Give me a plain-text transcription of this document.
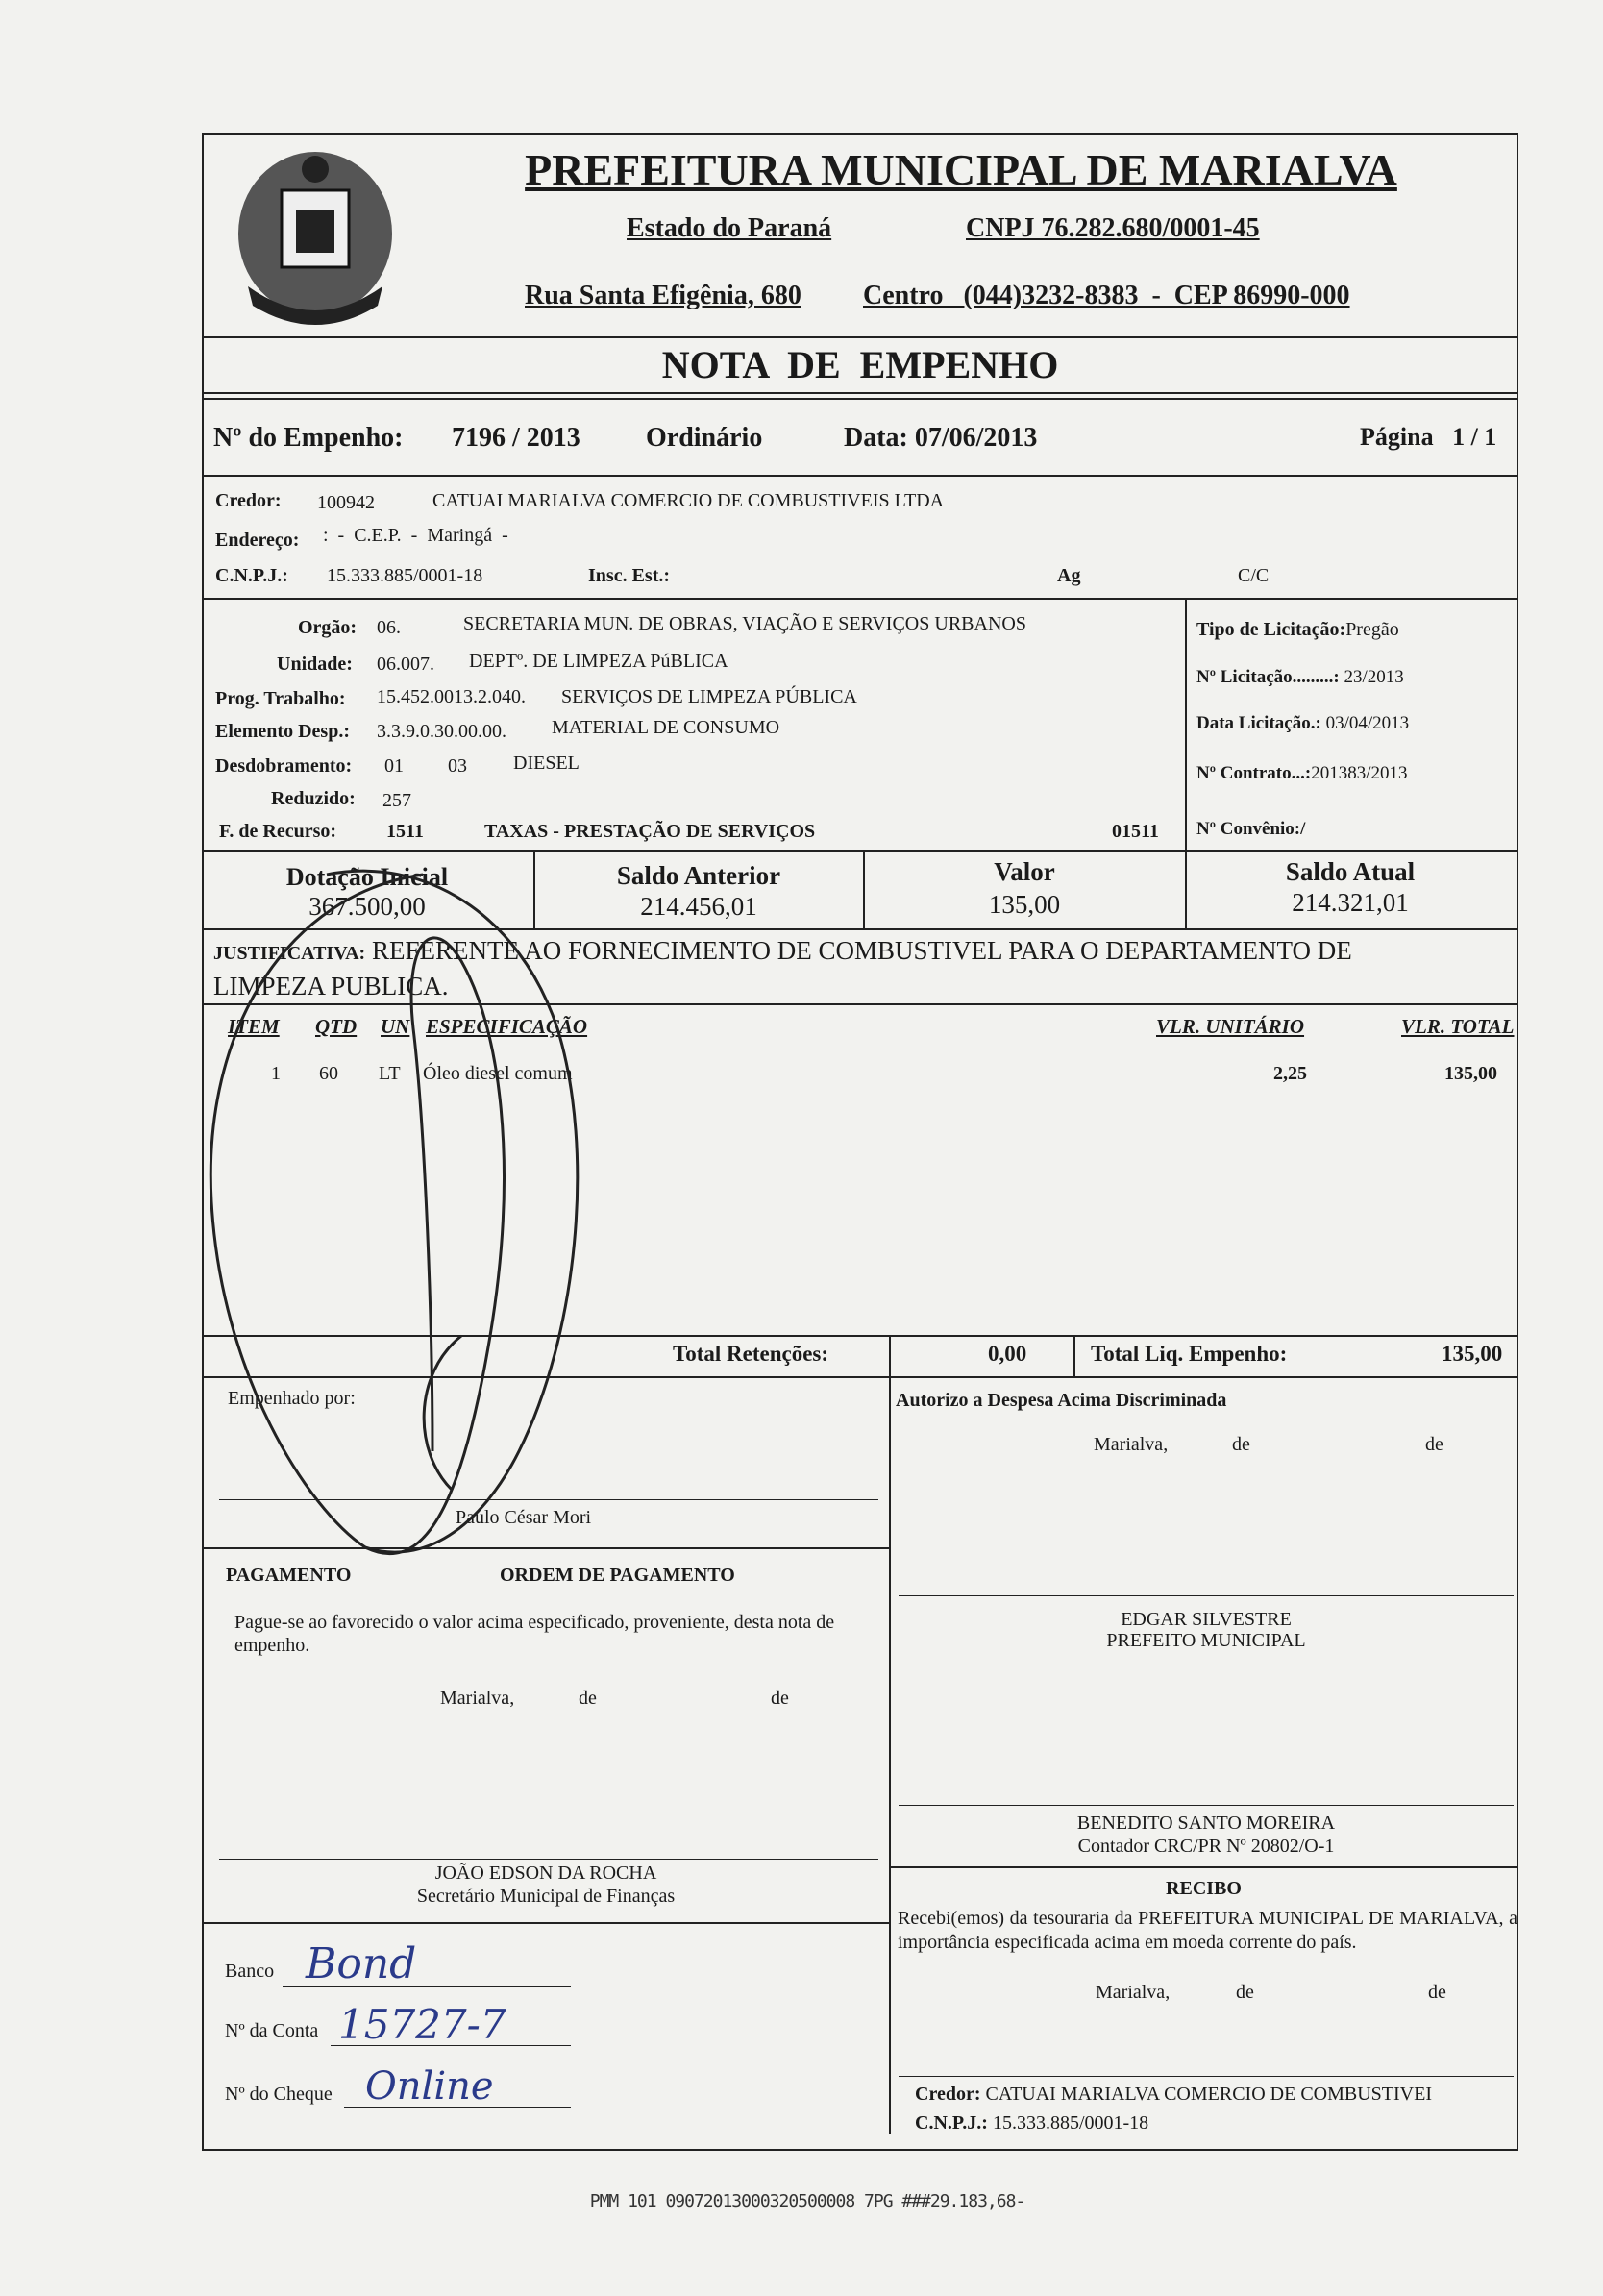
PREFEITURA MUNICIPAL DE MARIALVA
Estado do Paraná	CNPJ 76.282.680/0001-45
Rua Santa Efigênia, 680 Centro   (044)3232-8383  -  CEP 86990-000
NOTA  DE  EMPENHO
Nº do Empenho: 7196 / 2013 Ordinário	Data: 07/06/2013	Página   1 / 1
Credor: 100942	CATUAI MARIALVA COMERCIO DE COMBUSTIVEIS LTDA
Endereço: :  -  C.E.P.  -  Maringá  -
C.N.P.J.: 15.333.885/0001-18	Insc. Est.:	Ag	C/C
Orgão: 06.	SECRETARIA MUN. DE OBRAS, VIAÇÃO E SERVIÇOS URBANOS
Unidade: 06.007. DEPTº. DE LIMPEZA PúBLICA
Prog. Trabalho: 15.452.0013.2.040. SERVIÇOS DE LIMPEZA PÚBLICA
Elemento Desp.: 3.3.9.0.30.00.00. MATERIAL DE CONSUMO
Desdobramento: 01 03 DIESEL
Reduzido: 257
F. de Recurso:	1511	TAXAS - PRESTAÇÃO DE SERVIÇOS	01511
Tipo de Licitação:Pregão
Nº Licitação.........: 23/2013
Data Licitação.: 03/04/2013
Nº Contrato...:201383/2013
Nº Convênio:/
Dotação Inicial
367.500,00
Saldo Anterior
214.456,01
Valor
135,00
Saldo Atual
214.321,01
JUSTIFICATIVA: REFERENTE AO FORNECIMENTO DE COMBUSTIVEL PARA O DEPARTAMENTO DE
LIMPEZA PUBLICA.
ITEM QTD UN ESPECIFICAÇÃO	VLR. UNITÁRIO	VLR. TOTAL
1 60 LT Óleo diesel comum	2,25	135,00
Total Retenções:	0,00	Total Liq. Empenho:	135,00
Empenhado por:
Paulo César Mori
Autorizo a Despesa Acima Discriminada
Marialva,	de	de
PAGAMENTO	ORDEM DE PAGAMENTO
Pague-se ao favorecido o valor acima especificado, proveniente, desta nota de empenho.
Marialva,	de	de
JOÃO EDSON DA ROCHA
Secretário Municipal de Finanças
Banco Bond
Nº da Conta 15727-7
Nº do Cheque Online
EDGAR SILVESTRE
PREFEITO MUNICIPAL
BENEDITO SANTO MOREIRA
Contador CRC/PR Nº 20802/O-1
RECIBO
Recebi(emos) da tesouraria da PREFEITURA MUNICIPAL DE MARIALVA, a importância especificada acima em moeda corrente do país.
Marialva,	de	de
Credor: CATUAI MARIALVA COMERCIO DE COMBUSTIVEI
C.N.P.J.: 15.333.885/0001-18
PMM 101 09072013000320500008 7PG ###29.183,68-
